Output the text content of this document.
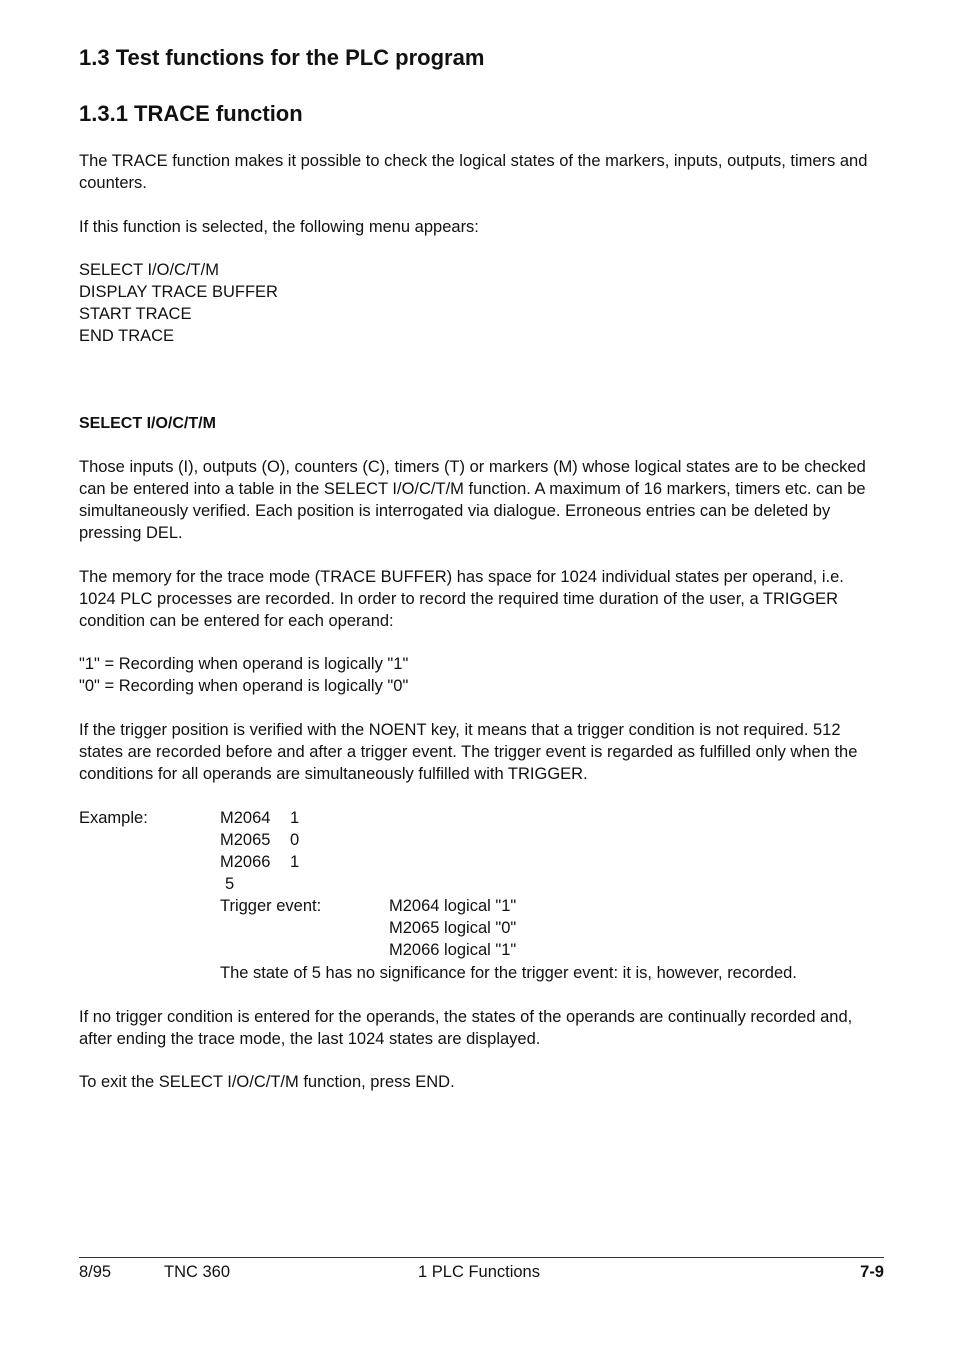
1.3 Test functions for the PLC program
1.3.1 TRACE function
The TRACE function makes it possible to check the logical states of the markers, inputs, outputs, timers and counters.
If this function is selected, the following menu appears:
SELECT I/O/C/T/M
DISPLAY TRACE BUFFER
START TRACE
END TRACE
SELECT I/O/C/T/M
Those inputs (I), outputs (O), counters (C), timers (T) or markers (M) whose logical states are to be checked can be entered into a table in the SELECT I/O/C/T/M function. A maximum of 16 markers, timers etc. can be simultaneously verified. Each position is interrogated via dialogue. Erroneous entries can be deleted by pressing DEL.
The memory for the trace mode (TRACE BUFFER) has space for 1024 individual states per operand, i.e. 1024 PLC processes are recorded. In order to record the required time duration of the user, a TRIGGER condition can be entered for each operand:
"1" = Recording when operand is logically "1"
"0" = Recording when operand is logically "0"
If the trigger position is verified with the NOENT key, it means that a trigger condition is not required. 512 states are recorded before and after a trigger event. The trigger event is regarded as fulfilled only when the conditions for all operands are simultaneously fulfilled with TRIGGER.
Example:	M2064 1
M2065 0
M2066 1
5
Trigger event:	M2064 logical "1"
M2065 logical "0"
M2066 logical "1"
The state of 5 has no significance for the trigger event: it is, however, recorded.
If no trigger condition is entered for the operands, the states of the operands are continually recorded and, after ending the trace mode, the last 1024 states are displayed.
To exit the SELECT I/O/C/T/M function, press END.
8/95	TNC 360	1 PLC Functions	7-9
